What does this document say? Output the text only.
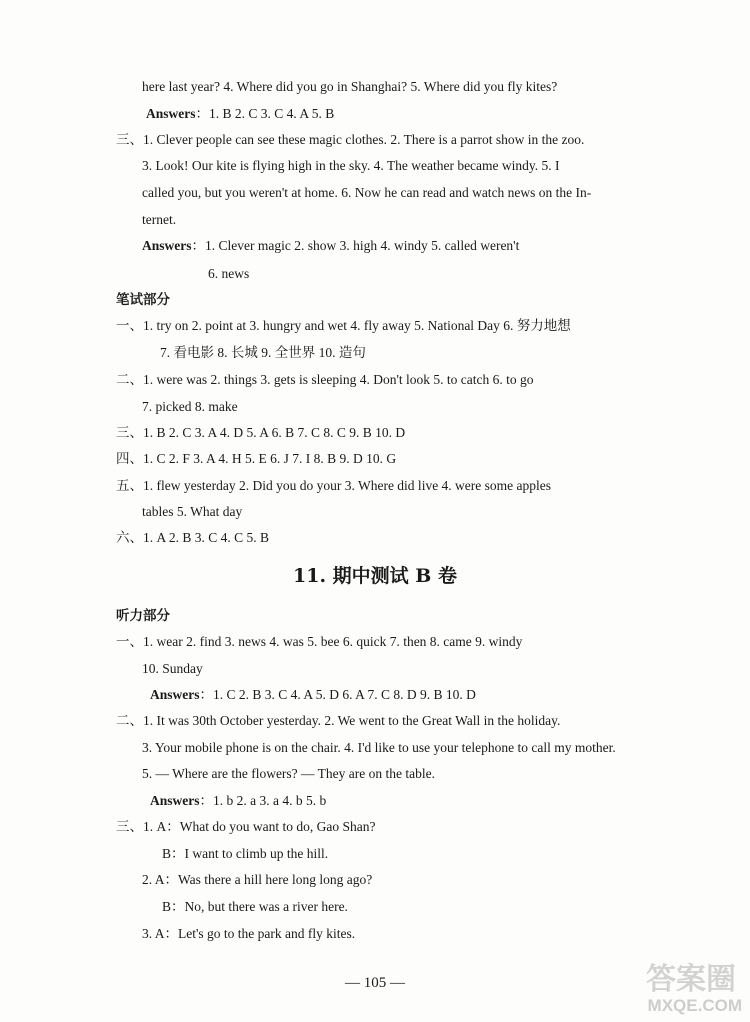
here last year? 4. Where did you go in Shanghai? 5. Where did you fly kites?
Answers：1. B 2. C 3. C 4. A 5. B
三、1. Clever people can see these magic clothes. 2. There is a parrot show in the zoo.
3. Look! Our kite is flying high in the sky. 4. The weather became windy. 5. I
called you, but you weren't at home. 6. Now he can read and watch news on the In-
ternet.
Answers：1. Clever magic 2. show 3. high 4. windy 5. called weren't
6. news
笔试部分
一、1. try on 2. point at 3. hungry and wet 4. fly away 5. National Day 6. 努力地想
7. 看电影 8. 长城 9. 全世界 10. 造句
二、1. were was 2. things 3. gets is sleeping 4. Don't look 5. to catch 6. to go
7. picked 8. make
三、1. B 2. C 3. A 4. D 5. A 6. B 7. C 8. C 9. B 10. D
四、1. C 2. F 3. A 4. H 5. E 6. J 7. I 8. B 9. D 10. G
五、1. flew yesterday 2. Did you do your 3. Where did live 4. were some apples
tables 5. What day
六、1. A 2. B 3. C 4. C 5. B
11. 期中测试 B 卷
听力部分
一、1. wear 2. find 3. news 4. was 5. bee 6. quick 7. then 8. came 9. windy
10. Sunday
Answers：1. C 2. B 3. C 4. A 5. D 6. A 7. C 8. D 9. B 10. D
二、1. It was 30th October yesterday. 2. We went to the Great Wall in the holiday.
3. Your mobile phone is on the chair. 4. I'd like to use your telephone to call my mother.
5. — Where are the flowers? — They are on the table.
Answers：1. b 2. a 3. a 4. b 5. b
三、1. A：What do you want to do, Gao Shan?
B：I want to climb up the hill.
2. A：Was there a hill here long long ago?
B：No, but there was a river here.
3. A：Let's go to the park and fly kites.
— 105 —	答案圈
MXQE.COM
